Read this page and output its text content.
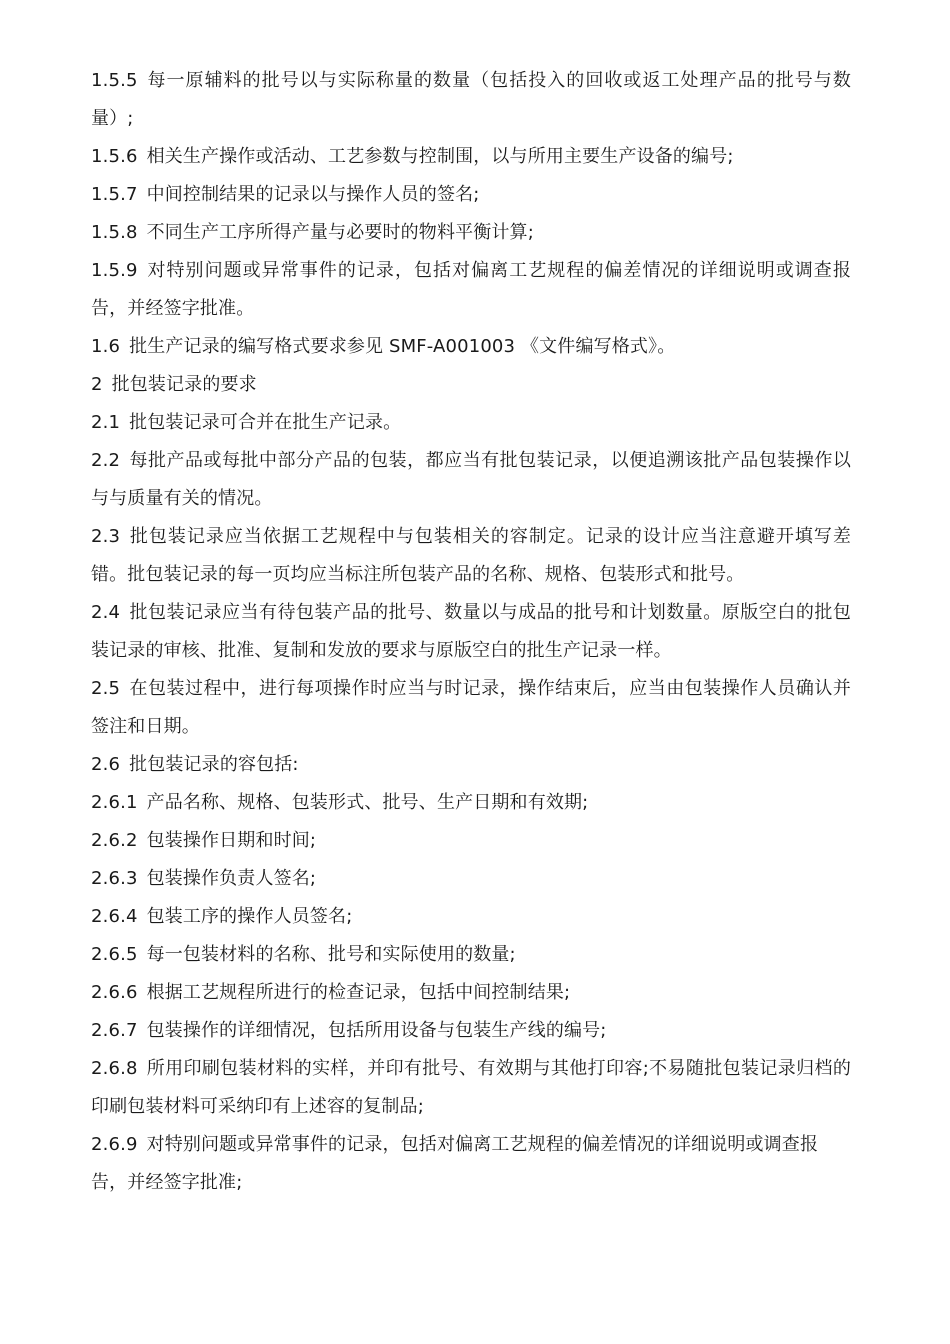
1.5.5 每一原辅料的批号以与实际称量的数量（包括投入的回收或返工处理产品的批号与数量）;

1.5.6 相关生产操作或活动、工艺参数与控制围，以与所用主要生产设备的编号;

1.5.7 中间控制结果的记录以与操作人员的签名;

1.5.8 不同生产工序所得产量与必要时的物料平衡计算;

1.5.9 对特别问题或异常事件的记录，包括对偏离工艺规程的偏差情况的详细说明或调查报告，并经签字批准。

1.6 批生产记录的编写格式要求参见 SMF-A001003 《文件编写格式》。

2 批包装记录的要求

2.1 批包装记录可合并在批生产记录。

2.2 每批产品或每批中部分产品的包装，都应当有批包装记录，以便追溯该批产品包装操作以与与质量有关的情况。

2.3 批包装记录应当依据工艺规程中与包装相关的容制定。记录的设计应当注意避开填写差错。批包装记录的每一页均应当标注所包装产品的名称、规格、包装形式和批号。

2.4 批包装记录应当有待包装产品的批号、数量以与成品的批号和计划数量。原版空白的批包装记录的审核、批准、复制和发放的要求与原版空白的批生产记录一样。

2.5 在包装过程中，进行每项操作时应当与时记录，操作结束后，应当由包装操作人员确认并签注和日期。

2.6 批包装记录的容包括:

2.6.1 产品名称、规格、包装形式、批号、生产日期和有效期;

2.6.2 包装操作日期和时间;

2.6.3 包装操作负责人签名;

2.6.4 包装工序的操作人员签名;

2.6.5 每一包装材料的名称、批号和实际使用的数量;

2.6.6 根据工艺规程所进行的检查记录，包括中间控制结果;

2.6.7 包装操作的详细情况，包括所用设备与包装生产线的编号;

2.6.8 所用印刷包装材料的实样，并印有批号、有效期与其他打印容;不易随批包装记录归档的印刷包装材料可采纳印有上述容的复制品;

2.6.9 对特别问题或异常事件的记录，包括对偏离工艺规程的偏差情况的详细说明或调查报

告，并经签字批准;
